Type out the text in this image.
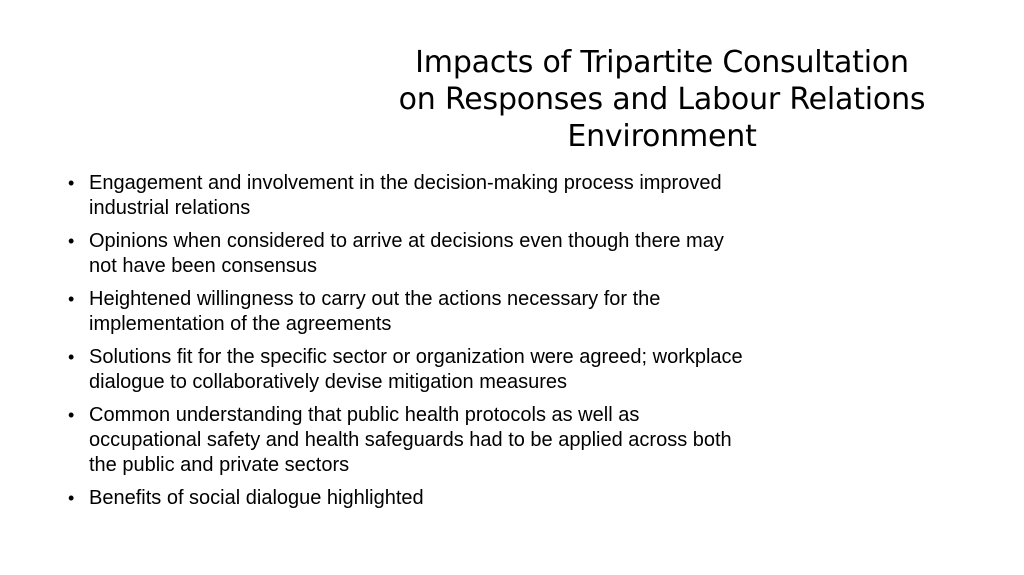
Impacts of Tripartite Consultation
on Responses and Labour Relations
Environment
• Engagement and involvement in the decision-making process improved
industrial relations
• Opinions when considered to arrive at decisions even though there may
not have been consensus
• Heightened willingness to carry out the actions necessary for the
implementation of the agreements
• Solutions fit for the specific sector or organization were agreed; workplace
dialogue to collaboratively devise mitigation measures
• Common understanding that public health protocols as well as
occupational safety and health safeguards had to be applied across both
the public and private sectors
• Benefits of social dialogue highlighted
